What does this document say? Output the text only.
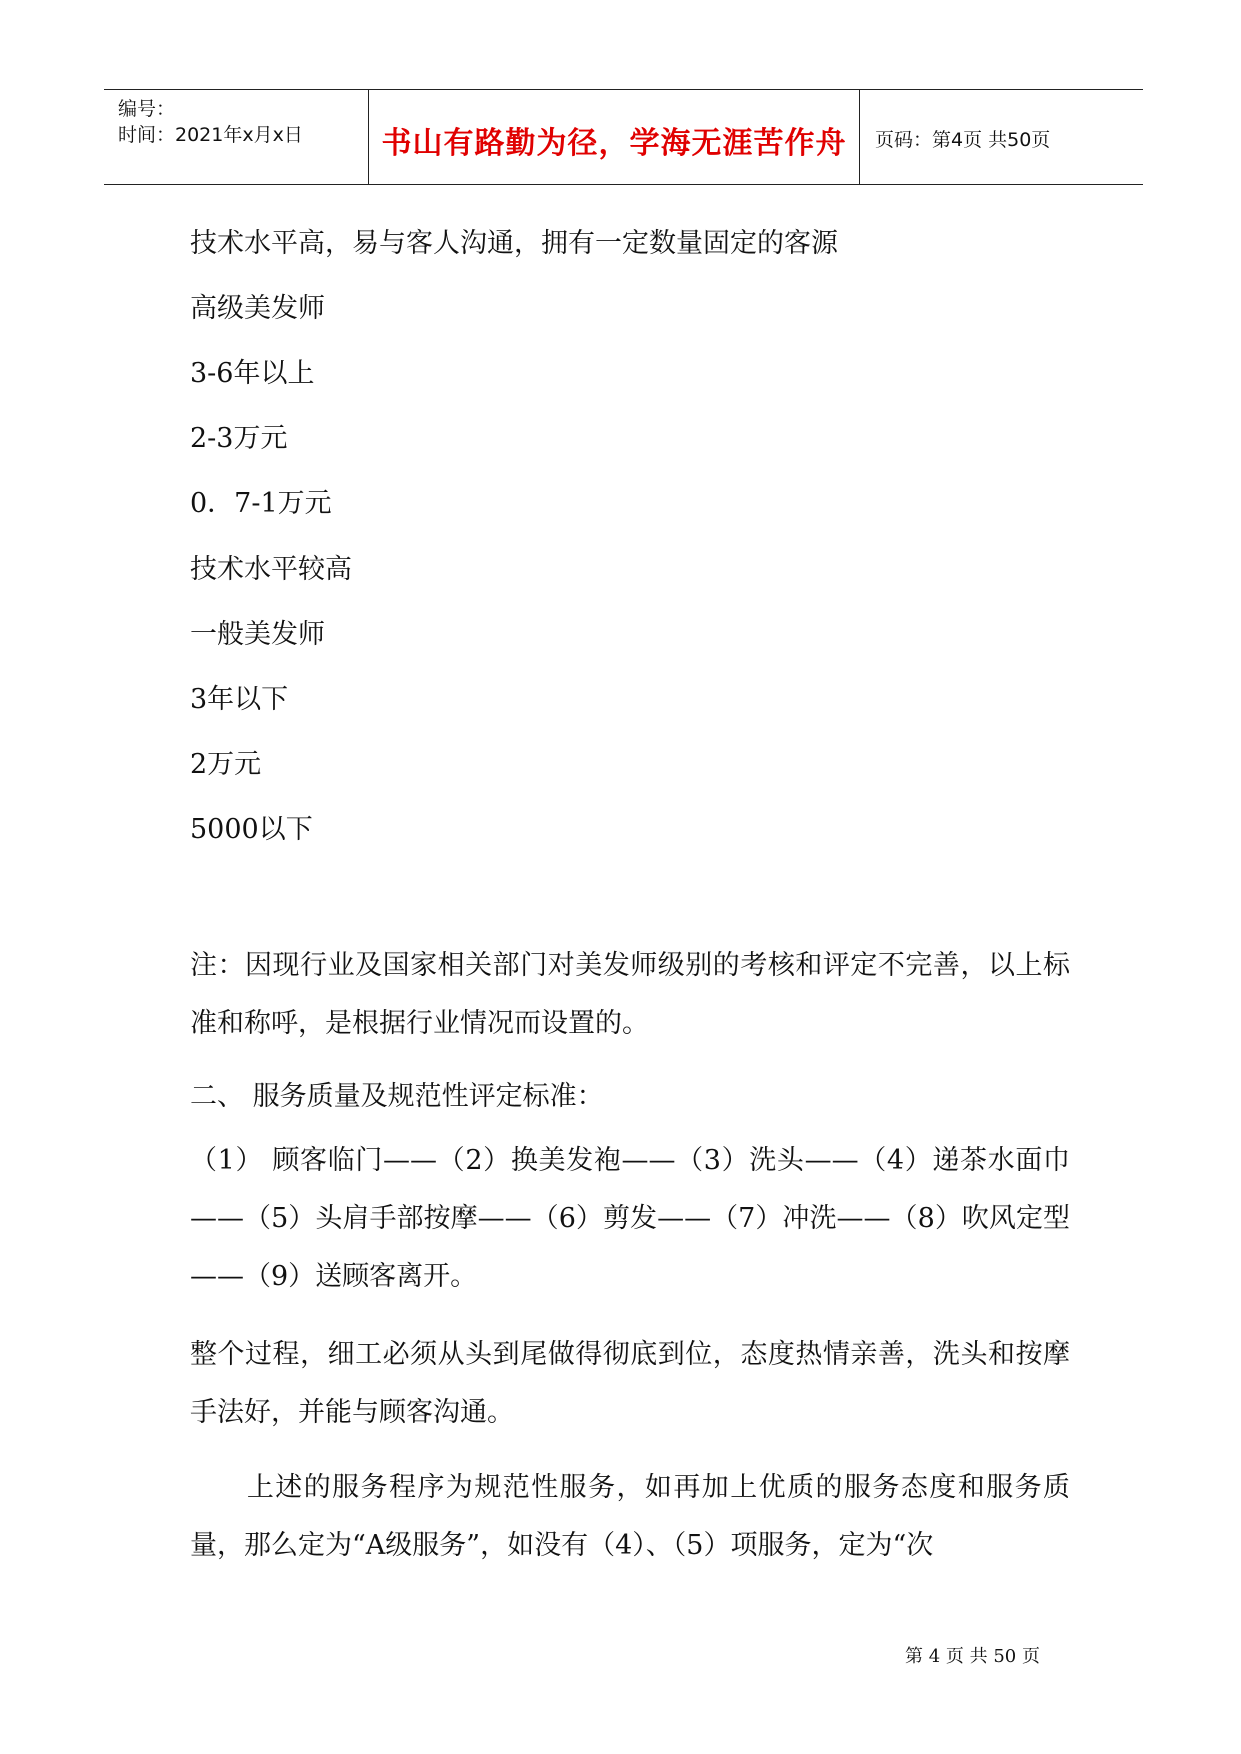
编号：
时间：2021年x月x日	书山有路勤为径，学海无涯苦作舟	页码：第4页 共50页
技术水平高，易与客人沟通，拥有一定数量固定的客源
高级美发师
3-6年以上
2-3万元
0．7-1万元
技术水平较高
一般美发师
3年以下
2万元
5000以下
注：因现行业及国家相关部门对美发师级别的考核和评定不完善，以上标准和称呼，是根据行业情况而设置的。
二、 服务质量及规范性评定标准：
（1） 顾客临门——（2）换美发袍——（3）洗头——（4）递茶水面巾——（5）头肩手部按摩——（6）剪发——（7）冲洗——（8）吹风定型——（9）送顾客离开。
整个过程，细工必须从头到尾做得彻底到位，态度热情亲善，洗头和按摩手法好，并能与顾客沟通。
　　上述的服务程序为规范性服务，如再加上优质的服务态度和服务质量，那么定为“A级服务”，如没有（4）、（5）项服务，定为“次
第 4 页 共 50 页
